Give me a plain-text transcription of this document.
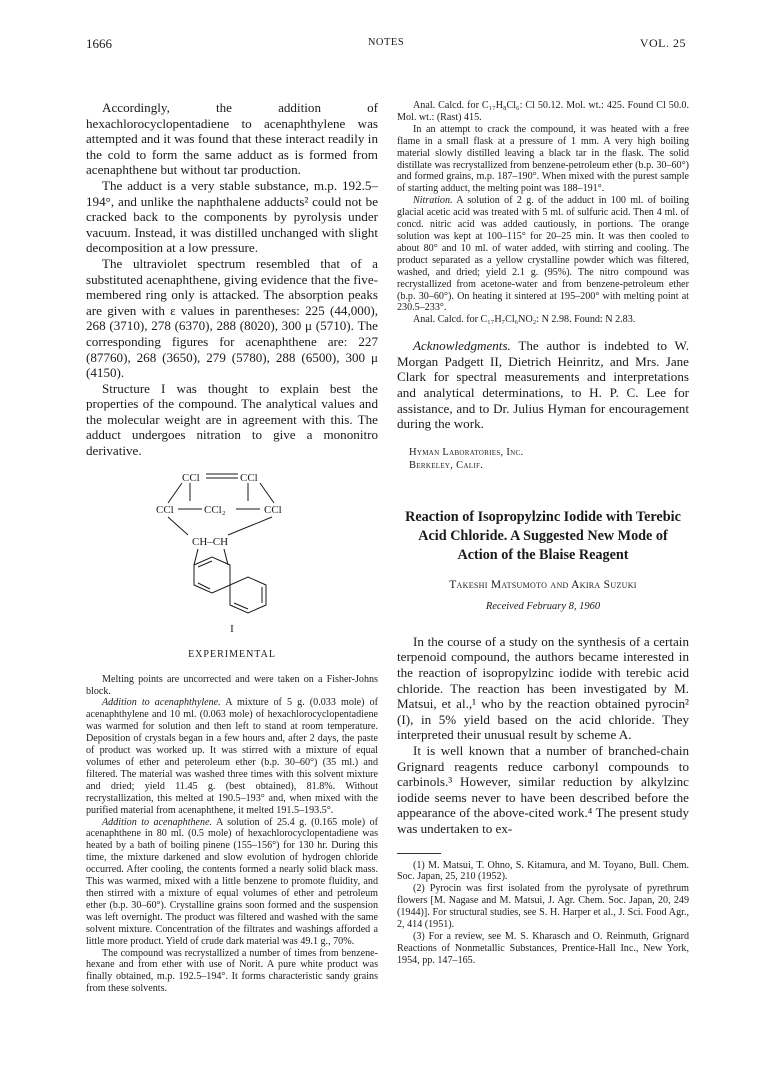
1666	NOTES	VOL. 25

Accordingly, the addition of hexachlorocyclopentadiene to acenaphthylene was attempted and it was found that these interact readily in the cold to form the same adduct as is formed from acenaphthene but without tar production.

The adduct is a very stable substance, m.p. 192.5–194°, and unlike the naphthalene adducts² could not be cracked back to the components by pyrolysis under vacuum. Instead, it was distilled unchanged with slight decomposition at a low pressure.

The ultraviolet spectrum resembled that of a substituted acenaphthene, giving evidence that the five-membered ring only is attacked. The absorption peaks are given with ε values in parentheses: 225 (44,000), 268 (3710), 278 (6370), 288 (8020), 300 μ (5710). The corresponding figures for acenaphthene are: 227 (87760), 268 (3650), 279 (5780), 288 (6500), 300 μ (4150).

Structure I was thought to explain best the properties of the compound. The analytical values and the molecular weight are in agreement with this. The adduct undergoes nitration to give a mononitro derivative.

CCl	CCl
CCl	CCl₂	CCl
CH–CH
I
EXPERIMENTAL

Melting points are uncorrected and were taken on a Fisher-Johns block.

Addition to acenaphthylene. A mixture of 5 g. (0.033 mole) of acenaphthylene and 10 ml. (0.063 mole) of hexachlorocyclopentadiene was warmed for solution and then left to stand at room temperature. Deposition of crystals began in a few hours and, after 2 days, the paste of product was worked up. It was stirred with a mixture of equal volumes of ether and peteroleum ether (b.p. 30–60°) (35 ml.) and filtered. The material was washed three times with this solvent mixture and dried; yield 11.45 g. (best obtained), 81.8%. Without recrystallization, this melted at 190.5–193° and, when mixed with the purified material from acenaphthene, it melted 191.5–193.5°.

Addition to acenaphthene. A solution of 25.4 g. (0.165 mole) of acenaphthene in 80 ml. (0.5 mole) of hexachlorocyclopentadiene was heated by a bath of boiling pinene (155–156°) for 130 hr. During this time, the mixture darkened and slow evolution of hydrogen chloride occurred. After cooling, the contents formed a nearly solid black mass. This was warmed, mixed with a little benzene to promote fluidity, and then stirred with a mixture of equal volumes of ether and petroleum ether (b.p. 30–60°). Crystalline grains soon formed and the suspension was left overnight. The product was filtered and washed with the same solvent mixture. Concentration of the filtrates and washings afforded a little more product. Yield of crude dark material was 49.1 g., 70%.

The compound was recrystallized a number of times from benzene-hexane and from ether with use of Norit. A pure white product was finally obtained, m.p. 192.5–194°. It forms characteristic sandy grains from these solvents.

Anal. Calcd. for C₁₇H₈Cl₆: Cl 50.12. Mol. wt.: 425. Found Cl 50.0. Mol. wt.: (Rast) 415.

In an attempt to crack the compound, it was heated with a free flame in a small flask at a pressure of 1 mm. A very high boiling material slowly distilled leaving a black tar in the flask. The solid distillate was recrystallized from benzene-petroleum ether (b.p. 30–60°) and formed grains, m.p. 187–190°. When mixed with the purest sample of starting adduct, the melting point was 188–191°.

Nitration. A solution of 2 g. of the adduct in 100 ml. of boiling glacial acetic acid was treated with 5 ml. of sulfuric acid. Then 4 ml. of concd. nitric acid was added cautiously, in portions. The orange solution was kept at 100–115° for 20–25 min. It was then cooled to about 80° and 10 ml. of water added, with stirring and cooling. The product separated as a yellow crystalline powder which was filtered, washed, and dried; yield 2.1 g. (95%). The nitro compound was recrystallized from acetone-water and from benzene-petroleum ether (b.p. 30–60°). On heating it sintered at 195–200° with melting point at 230.5–233°.

Anal. Calcd. for C₁₇H₇Cl₆NO₂: N 2.98. Found: N 2.83.

Acknowledgments. The author is indebted to W. Morgan Padgett II, Dietrich Heinritz, and Mrs. Jane Clark for spectral measurements and interpretations and analytical determinations, to H. P. C. Lee for assistance, and to Dr. Julius Hyman for encouragement during the work.

Hyman Laboratories, Inc.
Berkeley, Calif.
Reaction of Isopropylzinc Iodide with Terebic Acid Chloride. A Suggested New Mode of Action of the Blaise Reagent
Takeshi Matsumoto and Akira Suzuki
Received February 8, 1960

In the course of a study on the synthesis of a certain terpenoid compound, the authors became interested in the reaction of isopropylzinc iodide with terebic acid chloride. The reaction has been investigated by M. Matsui, et al.,¹ who by the reaction obtained pyrocin² (I), in 5% yield based on the acid chloride. They interpreted their unusual result by scheme A.

It is well known that a number of branched-chain Grignard reagents reduce carbonyl compounds to carbinols.³ However, similar reduction by alkylzinc iodide seems never to have been described before the appearance of the above-cited work.⁴ The present study was undertaken to ex-

(1) M. Matsui, T. Ohno, S. Kitamura, and M. Toyano, Bull. Chem. Soc. Japan, 25, 210 (1952).

(2) Pyrocin was first isolated from the pyrolysate of pyrethrum flowers [M. Nagase and M. Matsui, J. Agr. Chem. Soc. Japan, 20, 249 (1944)]. For structural studies, see S. H. Harper et al., J. Sci. Food Agr., 2, 414 (1951).

(3) For a review, see M. S. Kharasch and O. Reinmuth, Grignard Reactions of Nonmetallic Substances, Prentice-Hall Inc., New York, 1954, pp. 147–165.
